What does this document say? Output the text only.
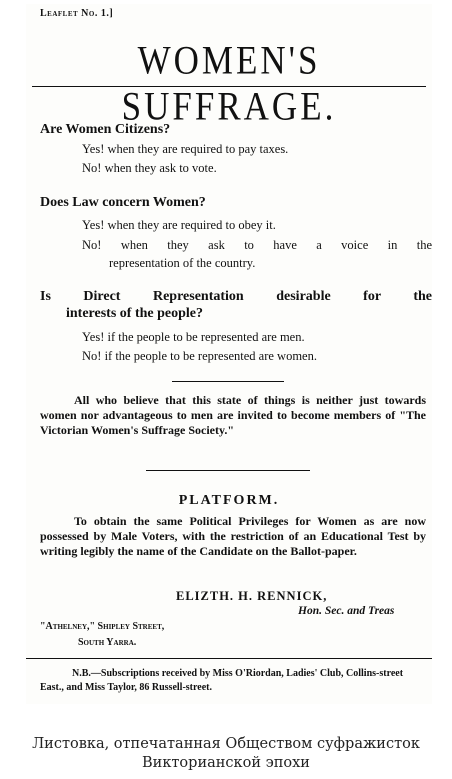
Leaflet No. 1.]
WOMEN'S SUFFRAGE.
Are Women Citizens?
Yes! when they are required to pay taxes.
No! when they ask to vote.
Does Law concern Women?
Yes! when they are required to obey it.
No! when they ask to have a voice in the
representation of the country.
Is Direct Representation desirable for the
interests of the people?
Yes! if the people to be represented are men.
No! if the people to be represented are women.
All who believe that this state of things is neither just towards women nor advantageous to men are invited to become members of "The Victorian Women's Suffrage Society."
PLATFORM.
To obtain the same Political Privileges for Women as are now possessed by Male Voters, with the restriction of an Educational Test by writing legibly the name of the Candidate on the Ballot-paper.
ELIZTH. H. RENNICK,
Hon. Sec. and Treas
"Athelney," Shipley Street,
South Yarra.
N.B.—Subscriptions received by Miss O'Riordan, Ladies' Club, Collins-street East., and Miss Taylor, 86 Russell-street.
Листовка, отпечатанная Обществом суфражисток
Викторианской эпохи
